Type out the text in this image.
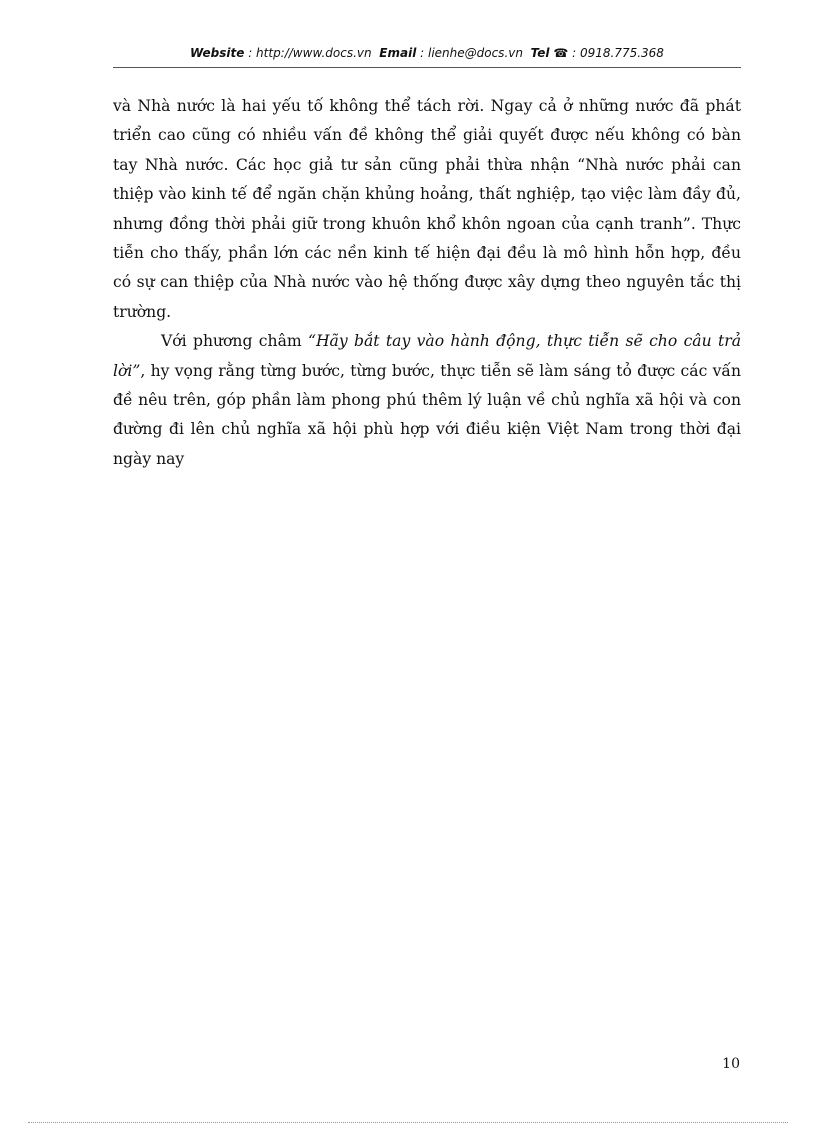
Website : http://www.docs.vn Email : lienhe@docs.vn Tel ☎ : 0918.775.368

và Nhà nước là hai yếu tố không thể tách rời. Ngay cả ở những nước đã phát triển cao cũng có nhiều vấn đề không thể giải quyết được nếu không có bàn tay Nhà nước. Các học giả tư sản cũng phải thừa nhận “Nhà nước phải can thiệp vào kinh tế để ngăn chặn khủng hoảng, thất nghiệp, tạo việc làm đầy đủ, nhưng đồng thời phải giữ trong khuôn khổ khôn ngoan của cạnh tranh”. Thực tiễn cho thấy, phần lớn các nền kinh tế hiện đại đều là mô hình hỗn hợp, đều có sự can thiệp của Nhà nước vào hệ thống được xây dựng theo nguyên tắc thị trường.

Với phương châm “Hãy bắt tay vào hành động, thực tiễn sẽ cho câu trả lời”, hy vọng rằng từng bước, từng bước, thực tiễn sẽ làm sáng tỏ được các vấn đề nêu trên, góp phần làm phong phú thêm lý luận về chủ nghĩa xã hội và con đường đi lên chủ nghĩa xã hội phù hợp với điều kiện Việt Nam trong thời đại ngày nay

10
